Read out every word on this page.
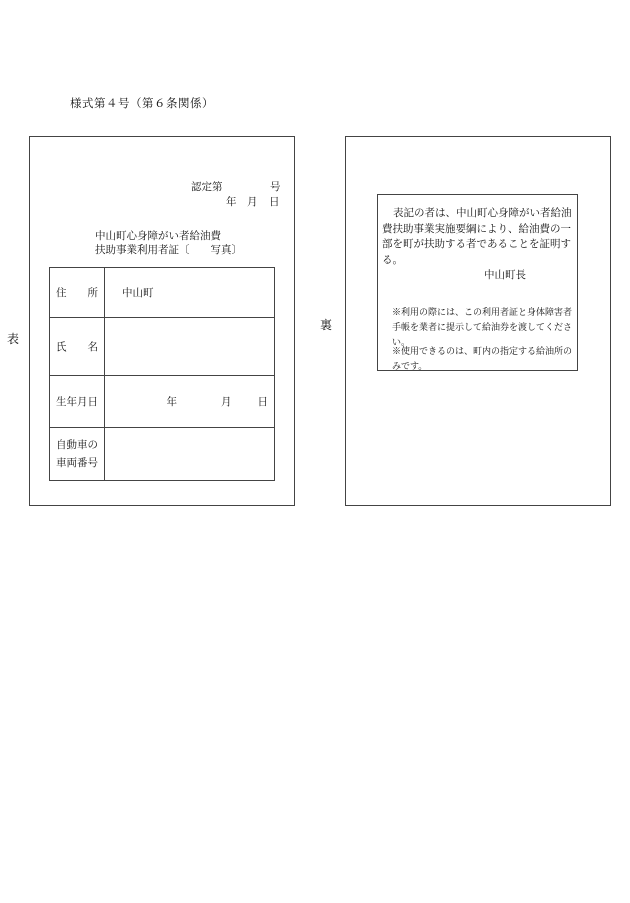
様式第４号（第６条関係）
表
認定第	号
年 月 日
中山町心身障がい者給油費
扶助事業利用者証〔　　写真〕
住 所	中山町

氏 名	

生年月日	年 月 日

自動車の
車両番号	

裏
表記の者は、中山町心身障がい者給油費扶助事業実施要綱により、給油費の一部を町が扶助する者であることを証明する。
中山町長
※利用の際には、この利用者証と身体障害者手帳を業者に提示して給油券を渡してください。
※使用できるのは、町内の指定する給油所のみです。
